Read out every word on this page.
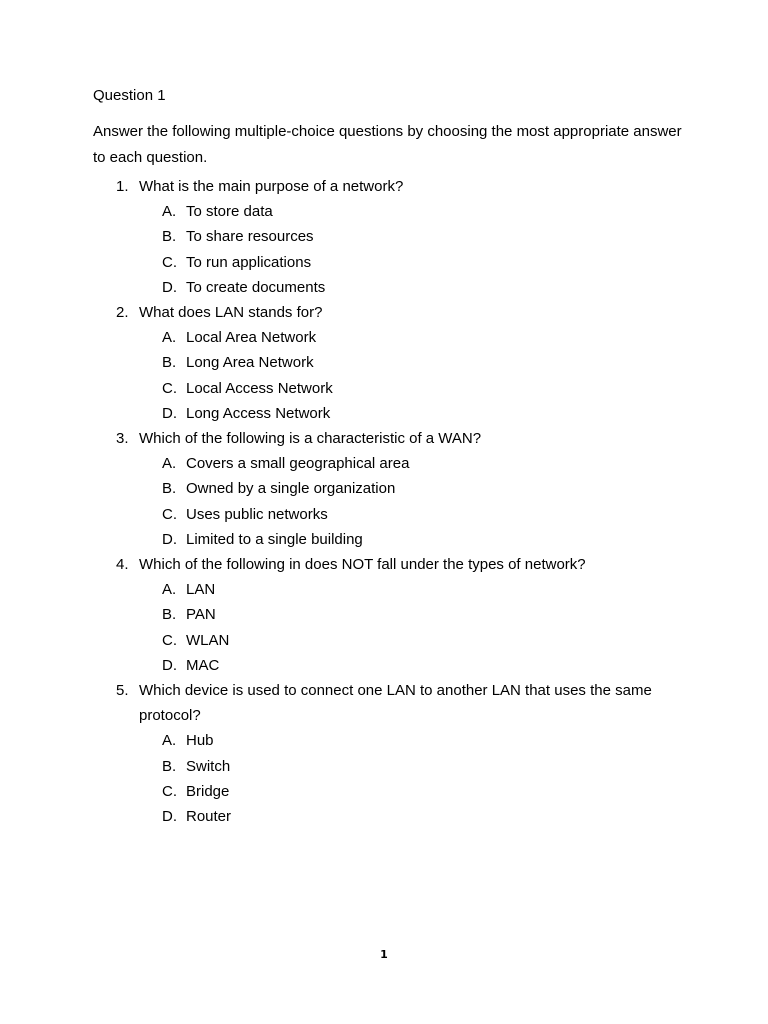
Question 1
Answer the following multiple-choice questions by choosing the most appropriate answer to each question.
1. What is the main purpose of a network?
A. To store data
B. To share resources
C. To run applications
D. To create documents
2. What does LAN stands for?
A. Local Area Network
B. Long Area Network
C. Local Access Network
D. Long Access Network
3. Which of the following is a characteristic of a WAN?
A. Covers a small geographical area
B. Owned by a single organization
C. Uses public networks
D. Limited to a single building
4. Which of the following in does NOT fall under the types of network?
A. LAN
B. PAN
C. WLAN
D. MAC
5. Which device is used to connect one LAN to another LAN that uses the same protocol?
A. Hub
B. Switch
C. Bridge
D. Router
1
